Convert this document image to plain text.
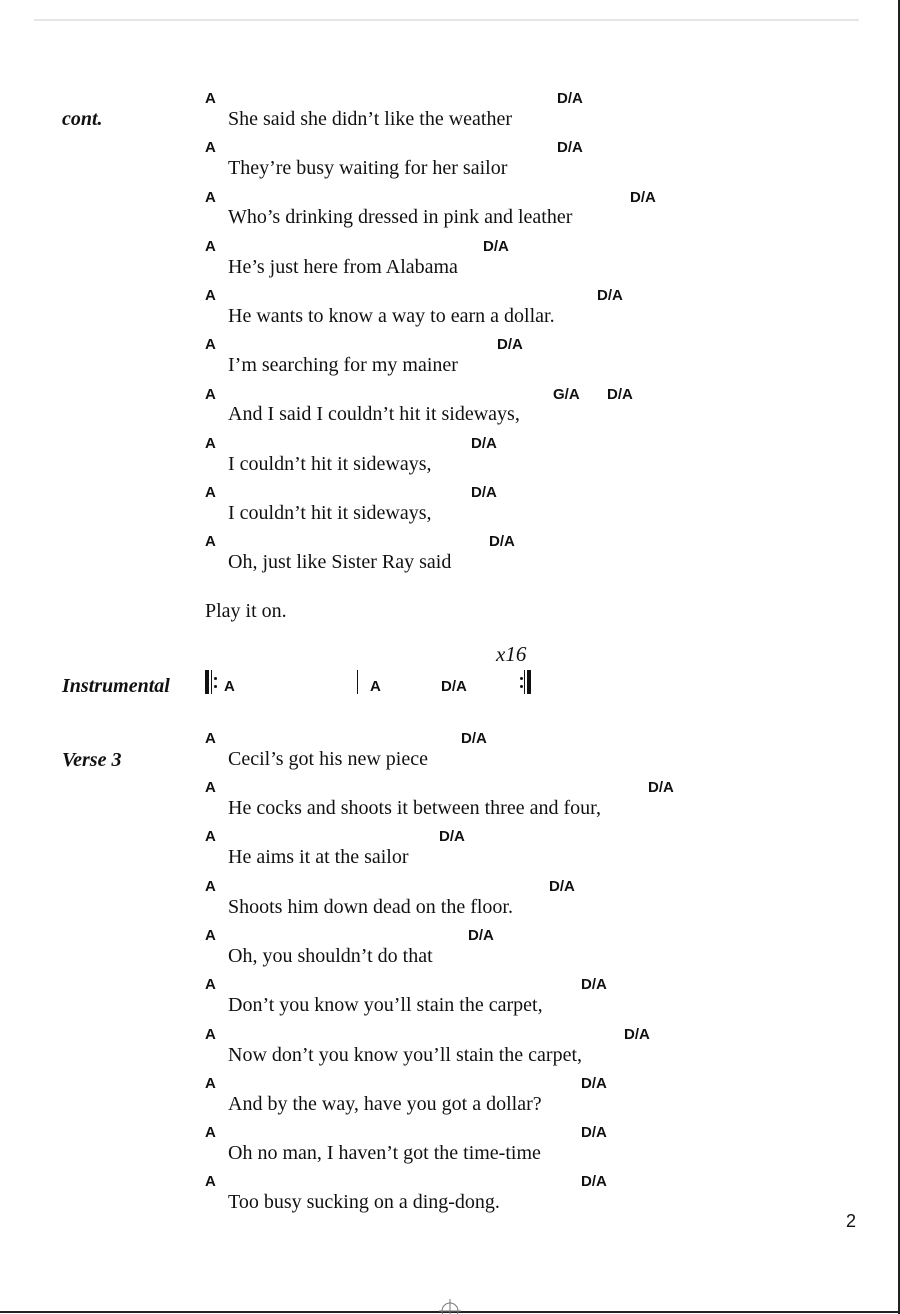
cont.
A	D/A
She said she didn’t like the weather
A	D/A
They’re busy waiting for her sailor
A	D/A
Who’s drinking dressed in pink and leather
A	D/A
He’s just here from Alabama
A	D/A
He wants to know a way to earn a dollar.
A	D/A
I’m searching for my mainer
A	G/A D/A
And I said I couldn’t hit it sideways,
A	D/A
I couldn’t hit it sideways,
A	D/A
I couldn’t hit it sideways,
A	D/A
Oh, just like Sister Ray said
Play it on.
x16
Instrumental	A	A	D/A
Verse 3
A	D/A
Cecil’s got his new piece
A	D/A
He cocks and shoots it between three and four,
A	D/A
He aims it at the sailor
A	D/A
Shoots him down dead on the floor.
A	D/A
Oh, you shouldn’t do that
A	D/A
Don’t you know you’ll stain the carpet,
A	D/A
Now don’t you know you’ll stain the carpet,
A	D/A
And by the way, have you got a dollar?
A	D/A
Oh no man, I haven’t got the time-time
A	D/A
Too busy sucking on a ding-dong.
2
